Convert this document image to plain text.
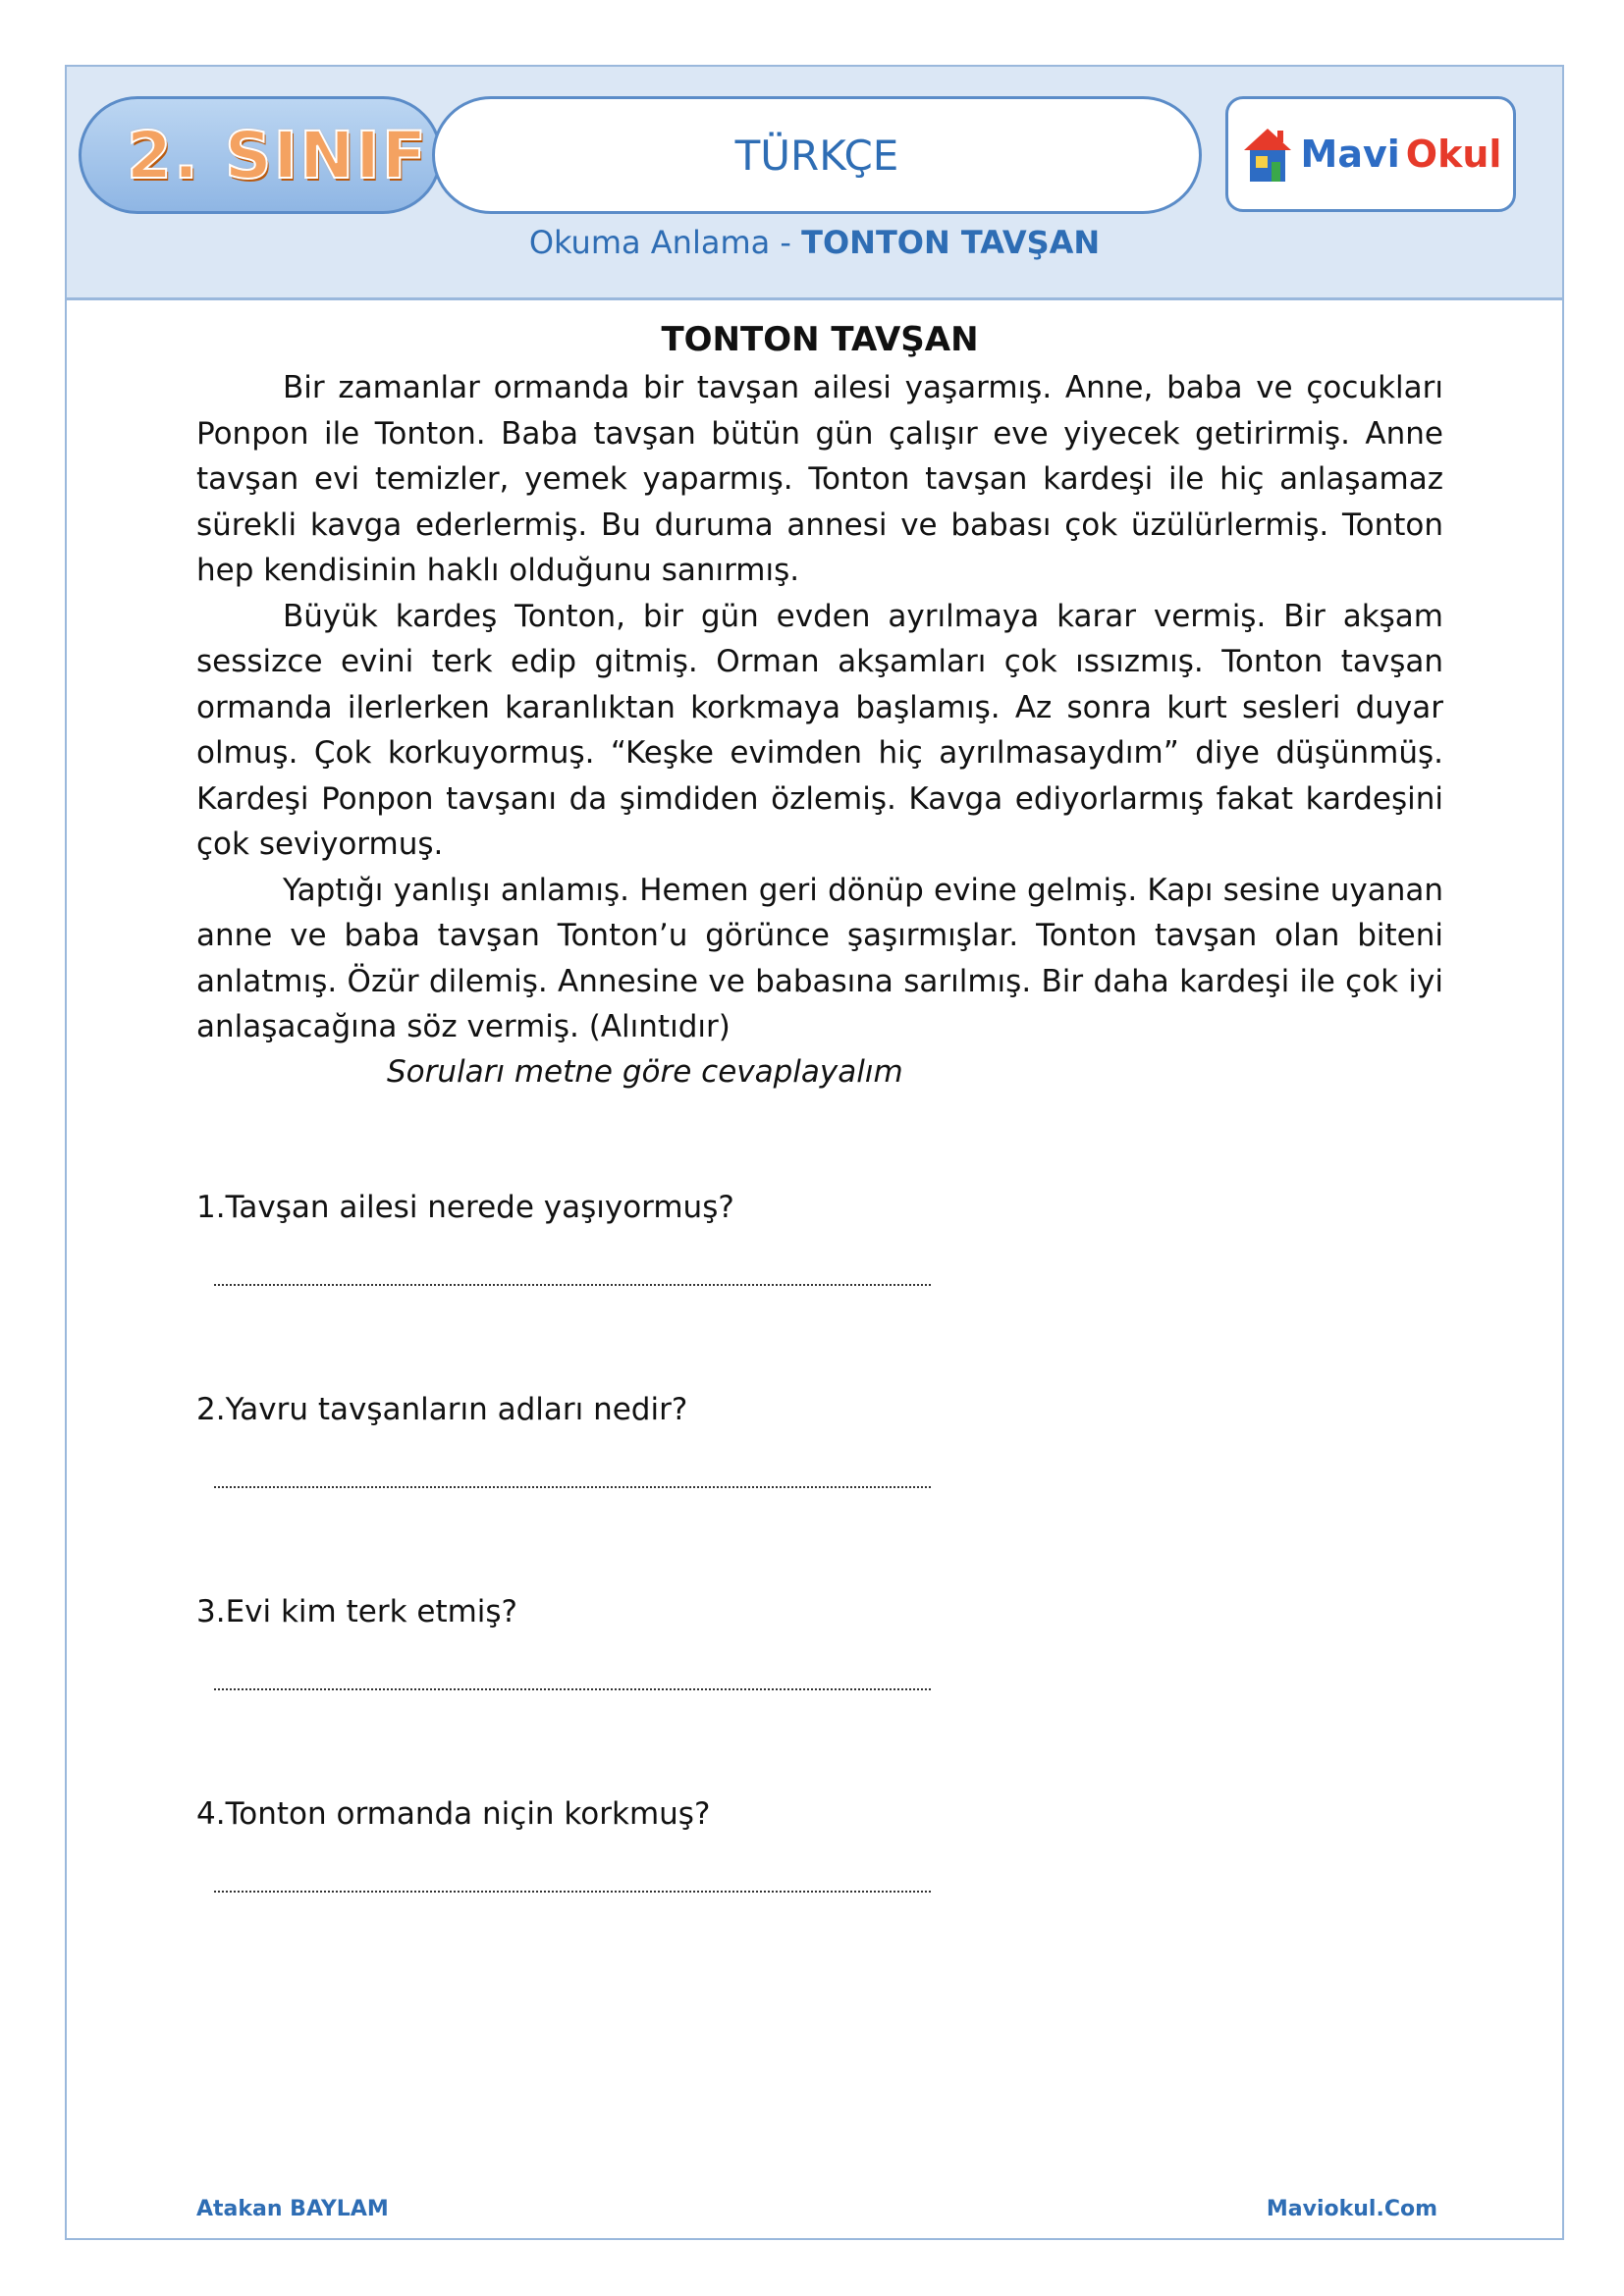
2. SINIF	TÜRKÇE	Mavi Okul
Okuma Anlama - TONTON TAVŞAN
TONTON TAVŞAN

Bir zamanlar ormanda bir tavşan ailesi yaşarmış. Anne, baba ve çocukları Ponpon ile Tonton. Baba tavşan bütün gün çalışır eve yiyecek getirirmiş. Anne tavşan evi temizler, yemek yaparmış. Tonton tavşan kardeşi ile hiç anlaşamaz sürekli kavga ederlermiş. Bu duruma annesi ve babası çok üzülürlermiş. Tonton hep kendisinin haklı olduğunu sanırmış.

Büyük kardeş Tonton, bir gün evden ayrılmaya karar vermiş. Bir akşam sessizce evini terk edip gitmiş. Orman akşamları çok ıssızmış. Tonton tavşan ormanda ilerlerken karanlıktan korkmaya başlamış. Az sonra kurt sesleri duyar olmuş. Çok korkuyormuş. “Keşke evimden hiç ayrılmasaydım” diye düşünmüş. Kardeşi Ponpon tavşanı da şimdiden özlemiş. Kavga ediyorlarmış fakat kardeşini çok seviyormuş.

Yaptığı yanlışı anlamış. Hemen geri dönüp evine gelmiş. Kapı sesine uyanan anne ve baba tavşan Tonton’u görünce şaşırmışlar. Tonton tavşan olan biteni anlatmış. Özür dilemiş. Annesine ve babasına sarılmış. Bir daha kardeşi ile çok iyi anlaşacağına söz vermiş. (Alıntıdır)

Soruları metne göre cevaplayalım
1.Tavşan ailesi nerede yaşıyormuş?
2.Yavru tavşanların adları nedir?
3.Evi kim terk etmiş?
4.Tonton ormanda niçin korkmuş?
Atakan BAYLAM	Maviokul.Com
